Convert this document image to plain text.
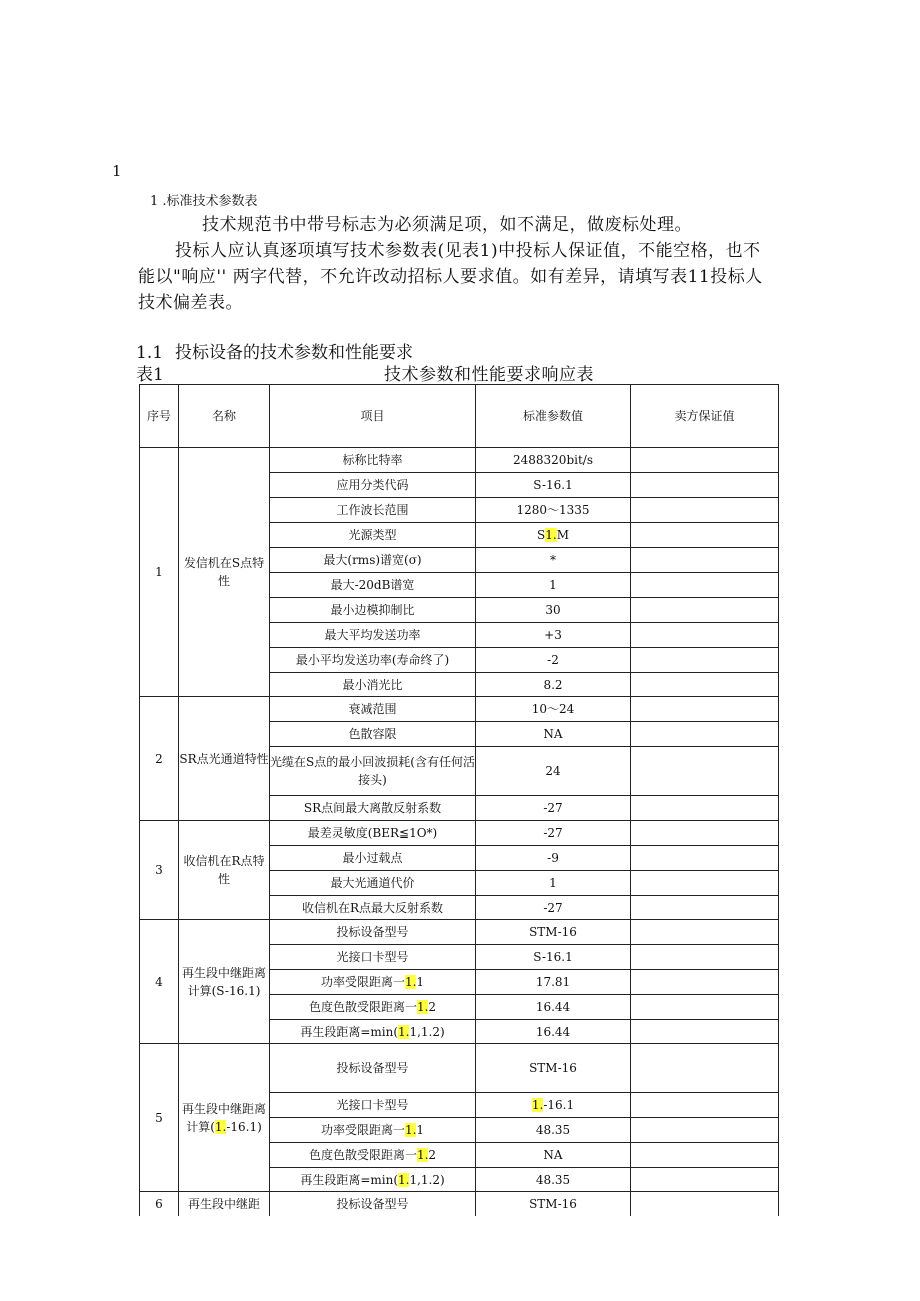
1
1 .标准技术参数表
技术规范书中带号标志为必须满足项，如不满足，做废标处理。
投标人应认真逐项填写技术参数表(见表1)中投标人保证值，不能空格，也不
能以"响应'' 两字代替，不允许改动招标人要求值。如有差异，请填写表11投标人
技术偏差表。
1.1 投标设备的技术参数和性能要求
表1	技术参数和性能要求响应表
序号	名称	项目	标准参数值	卖方保证值
1	发信机在S点特性	标称比特率	2488320bit/s	
		应用分类代码	S-16.1	
		工作波长范围	1280～1335	
		光源类型	S1.M	
		最大(rms)谱宽(σ)	*	
		最大-20dB谱宽	1	
		最小边模抑制比	30	
		最大平均发送功率	+3	
		最小平均发送功率(寿命终了)	-2	
		最小消光比	8.2	
2	SR点光通道特性	衰减范围	10～24	
		色散容限	NA	
		光缆在S点的最小回波损耗(含有任何活接头)	24	
		SR点间最大离散反射系数	-27	
3	收信机在R点特性	最差灵敏度(BER≦1O*)	-27	
		最小过载点	-9	
		最大光通道代价	1	
		收信机在R点最大反射系数	-27	
4	再生段中继距离计算(S-16.1)	投标设备型号	STM-16	
		光接口卡型号	S-16.1	
		功率受限距离一1.1	17.81	
		色度色散受限距离一1.2	16.44	
		再生段距离=min(1.1,1.2)	16.44	
5	再生段中继距离计算(1.-16.1)	投标设备型号	STM-16	
		光接口卡型号	1.-16.1	
		功率受限距离一1.1	48.35	
		色度色散受限距离一1.2	NA	
		再生段距离=min(1.1,1.2)	48.35	
6	再生段中继距	投标设备型号	STM-16	
